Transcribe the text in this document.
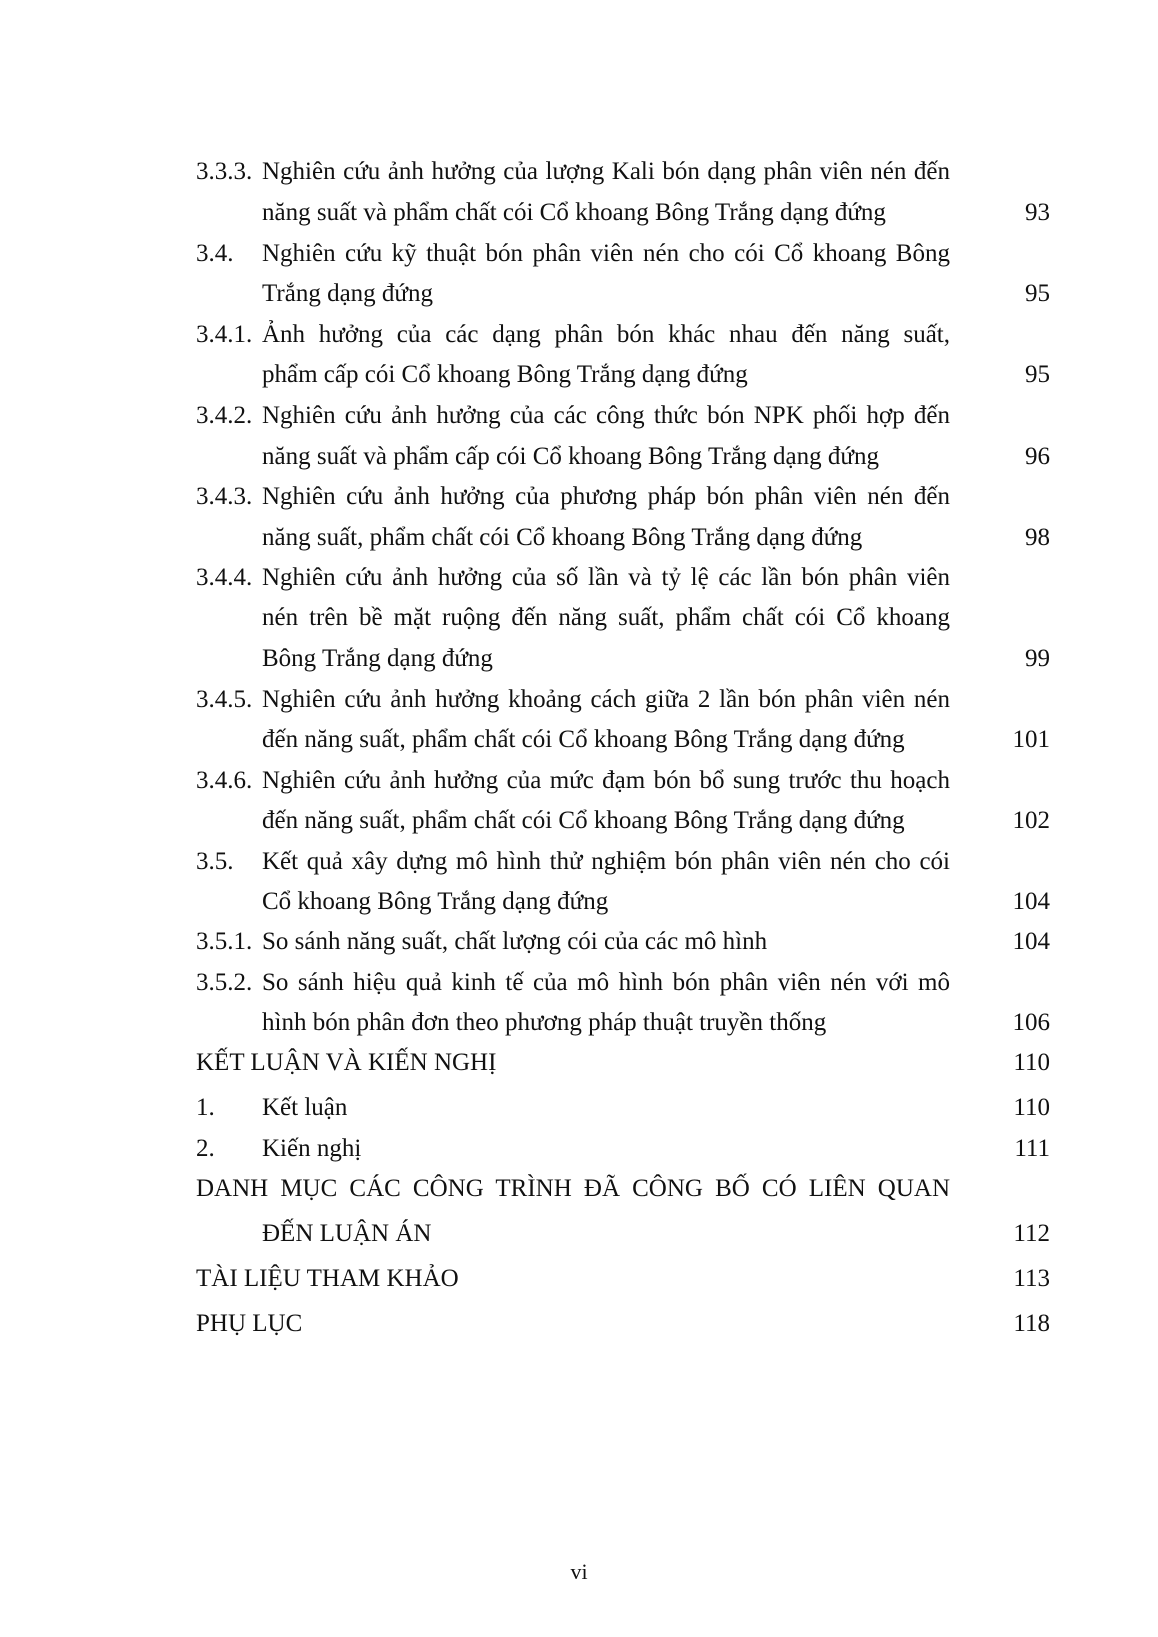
3.3.3. Nghiên cứu ảnh hưởng của lượng Kali bón dạng phân viên nén đến
năng suất và phẩm chất cói Cổ khoang Bông Trắng dạng đứng	93
3.4. Nghiên cứu kỹ thuật bón phân viên nén cho cói Cổ khoang Bông
Trắng dạng đứng	95
3.4.1. Ảnh hưởng của các dạng phân bón khác nhau đến năng suất,
phẩm cấp cói Cổ khoang Bông Trắng dạng đứng	95
3.4.2. Nghiên cứu ảnh hưởng của các công thức bón NPK phối hợp đến
năng suất và phẩm cấp cói Cổ khoang Bông Trắng dạng đứng	96
3.4.3. Nghiên cứu ảnh hưởng của phương pháp bón phân viên nén đến
năng suất, phẩm chất cói Cổ khoang Bông Trắng dạng đứng	98
3.4.4. Nghiên cứu ảnh hưởng của số lần và tỷ lệ các lần bón phân viên
nén trên bề mặt ruộng đến năng suất, phẩm chất cói Cổ khoang
Bông Trắng dạng đứng	99
3.4.5. Nghiên cứu ảnh hưởng khoảng cách giữa 2 lần bón phân viên nén
đến năng suất, phẩm chất cói Cổ khoang Bông Trắng dạng đứng	101
3.4.6. Nghiên cứu ảnh hưởng của mức đạm bón bổ sung trước thu hoạch
đến năng suất, phẩm chất cói Cổ khoang Bông Trắng dạng đứng	102
3.5. Kết quả xây dựng mô hình thử nghiệm bón phân viên nén cho cói
Cổ khoang Bông Trắng dạng đứng	104
3.5.1. So sánh năng suất, chất lượng cói của các mô hình	104
3.5.2. So sánh hiệu quả kinh tế của mô hình bón phân viên nén với mô
hình bón phân đơn theo phương pháp thuật truyền thống	106
KẾT LUẬN VÀ KIẾN NGHỊ	110
1. Kết luận	110
2. Kiến nghị	111
DANH MỤC CÁC CÔNG TRÌNH ĐÃ CÔNG BỐ CÓ LIÊN QUAN
ĐẾN LUẬN ÁN	112
TÀI LIỆU THAM KHẢO	113
PHỤ LỤC	118
vi
